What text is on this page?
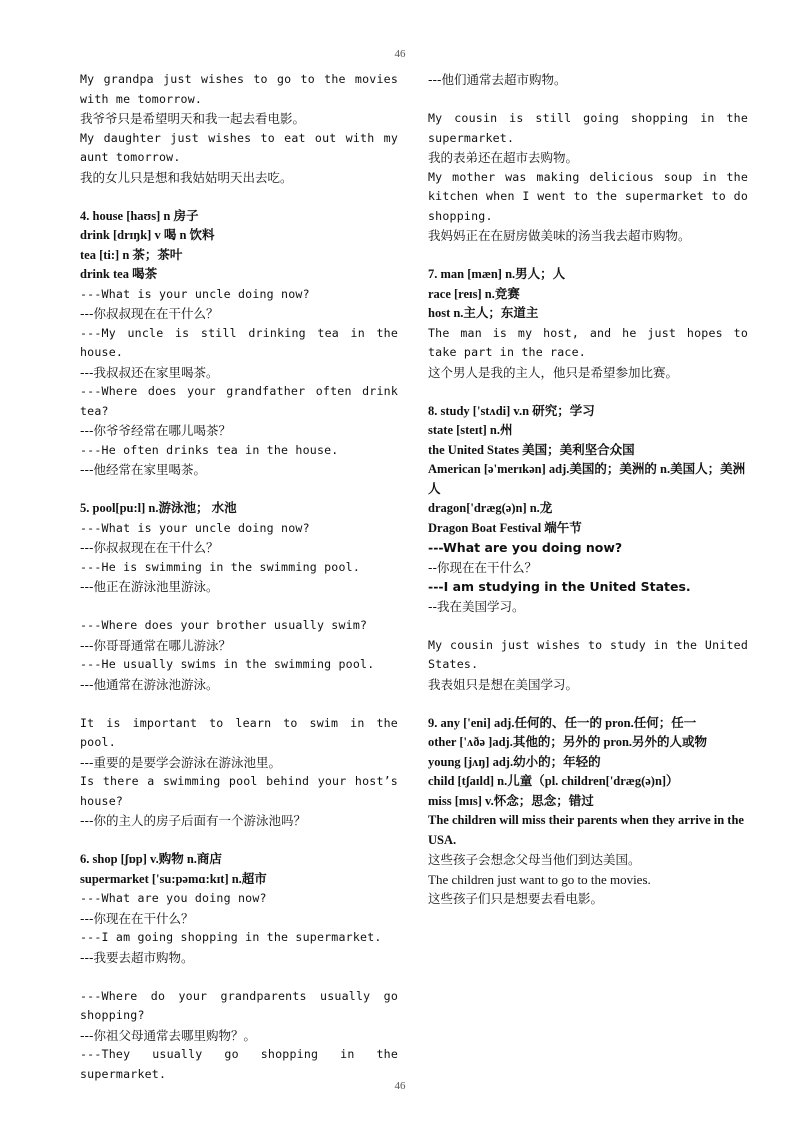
46
My grandpa just wishes to go to the movies with me tomorrow.
我爷爷只是希望明天和我一起去看电影。
My daughter just wishes to eat out with my aunt tomorrow.
我的女儿只是想和我姑姑明天出去吃。
4. house [haʊs] n 房子
drink [drɪŋk] v 喝 n 饮料
tea [ti:] n 茶；茶叶
drink tea 喝茶
---What is your uncle doing now?
---你叔叔现在在干什么？
---My uncle is still drinking tea in the house.
---我叔叔还在家里喝茶。
---Where does your grandfather often drink tea?
---你爷爷经常在哪儿喝茶？
---He often drinks tea in the house.
---他经常在家里喝茶。
5. pool[pu:l] n.游泳池； 水池
---What is your uncle doing now?
---你叔叔现在在干什么？
---He is swimming in the swimming pool.
---他正在游泳池里游泳。
---Where does your brother usually swim?
---你哥哥通常在哪儿游泳？
---He usually swims in the swimming pool.
---他通常在游泳池游泳。
It is important to learn to swim in the pool.
---重要的是要学会游泳在游泳池里。
Is there a swimming pool behind your host’s house?
---你的主人的房子后面有一个游泳池吗？
6. shop [ʃɒp] v.购物 n.商店
supermarket ['su:pəmɑ:kɪt] n.超市
---What are you doing now?
---你现在在干什么？
---I am going shopping in the supermarket.
---我要去超市购物。
---Where do your grandparents usually go shopping?
---你祖父母通常去哪里购物？。
---They usually go shopping in the supermarket.
---他们通常去超市购物。
My cousin is still going shopping in the supermarket.
我的表弟还在超市去购物。
My mother was making delicious soup in the kitchen when I went to the supermarket to do shopping.
我妈妈正在在厨房做美味的汤当我去超市购物。
7. man [mæn] n.男人；人
race [reɪs] n.竞赛
host n.主人；东道主
The man is my host, and he just hopes to take part in the race.
这个男人是我的主人，他只是希望参加比赛。
8. study ['stʌdi] v.n 研究；学习
state [steɪt] n.州
the United States 美国；美利坚合众国
American [ə'merɪkən] adj.美国的；美洲的 n.美国人；美洲人
dragon['dræg(ə)n] n.龙
Dragon Boat Festival 端午节
---What are you doing now?
--你现在在干什么？
---I am studying in the United States.
--我在美国学习。
My cousin just wishes to study in the United States.
我表姐只是想在美国学习。
9. any ['eni] adj.任何的、任一的 pron.任何；任一
other ['ʌðə ]adj.其他的；另外的 pron.另外的人或物
young [jʌŋ] adj.幼小的；年轻的
child [tʃaɪld] n.儿童（pl. children['dræg(ə)n]）
miss [mɪs] v.怀念；思念；错过
The children will miss their parents when they arrive in the USA.
这些孩子会想念父母当他们到达美国。
The children just want to go to the movies.
这些孩子们只是想要去看电影。
46
